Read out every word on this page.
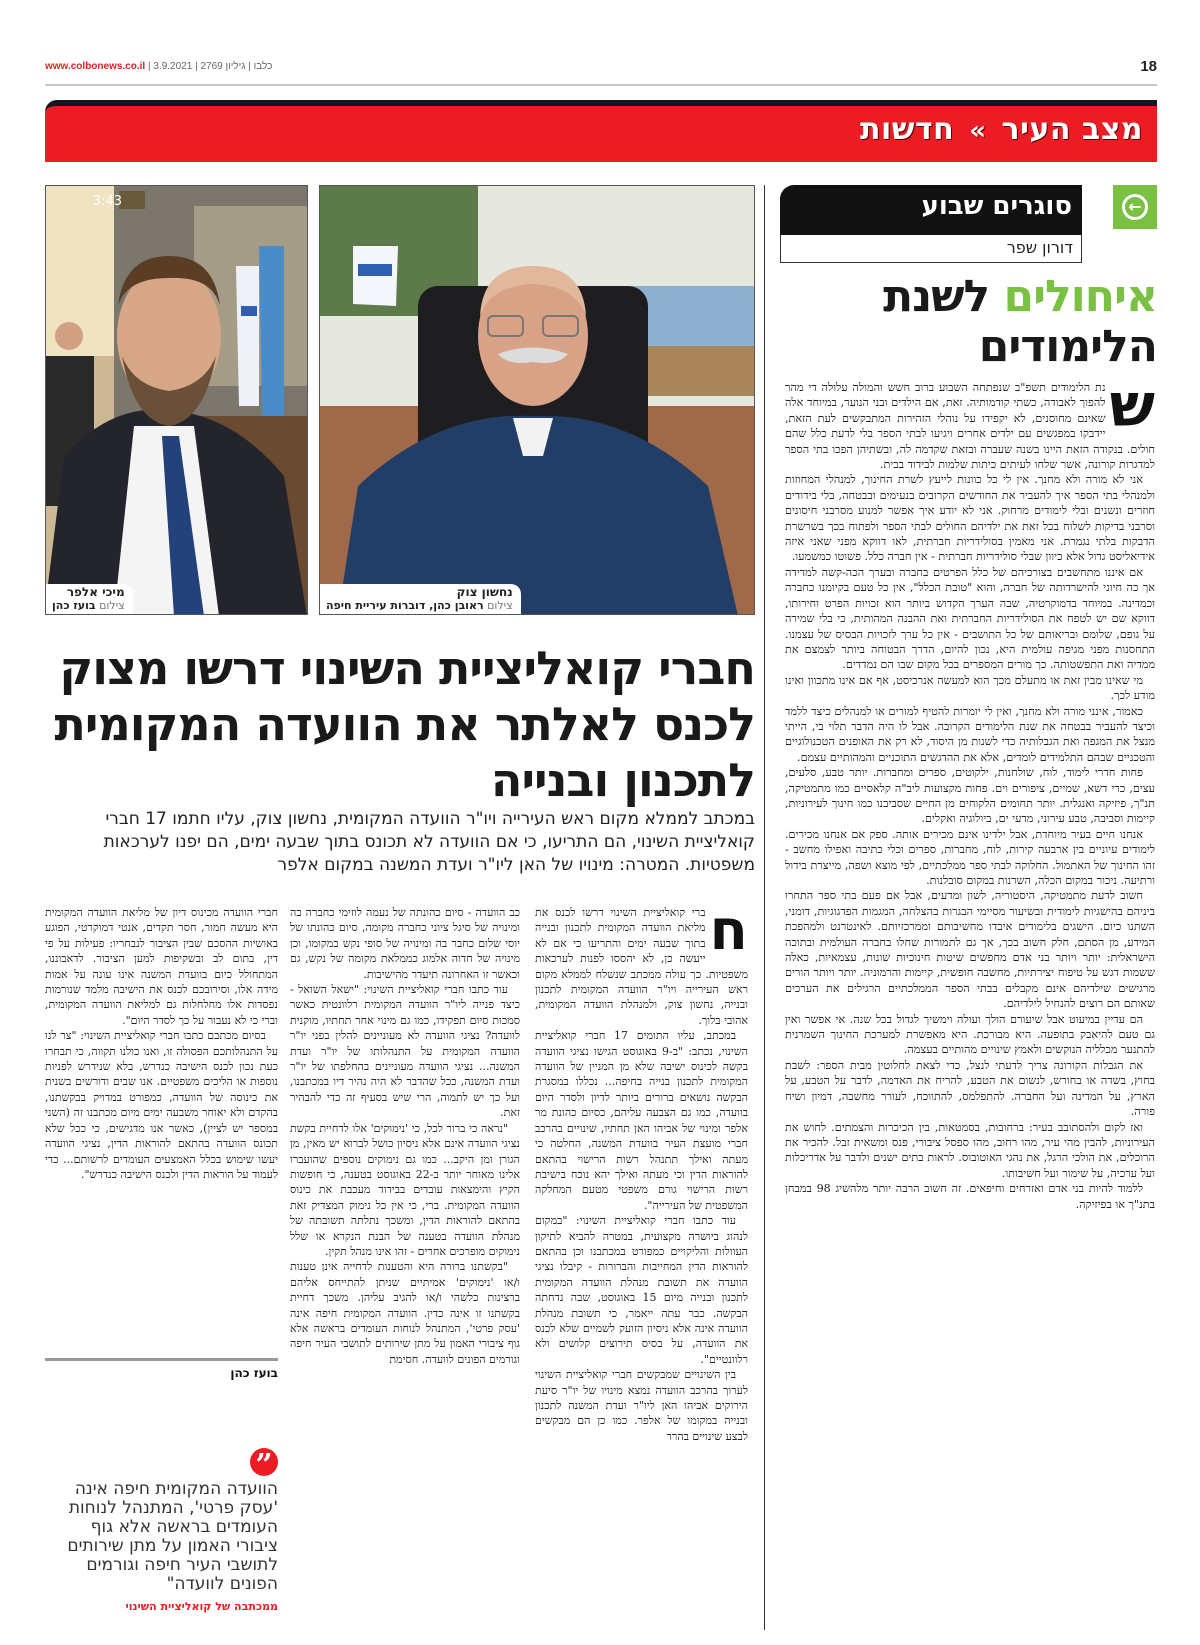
www.colbonews.co.il |	כלבו | גיליון 2769 | 3.9.2021	18
מצב העיר » חדשות
3:43
מיכי אלפר
צילום בועז כהן
נחשון צוק
צילום ראובן כהן, דוברות עיריית חיפה
חברי קואליציית השינוי דרשו מצוק לכנס לאלתר את הוועדה המקומית לתכנון ובנייה
במכתב לממלא מקום ראש העירייה ויו"ר הוועדה המקומית, נחשון צוק, עליו חתמו 17 חברי קואליציית השינוי, הם התריעו, כי אם הוועדה לא תכונס בתוך שבעה ימים, הם יפנו לערכאות משפטיות. המטרה: מינויו של האן ליו"ר ועדת המשנה במקום אלפר
ח

ברי קואליציית השינוי דרשו לכנס את מליאת הוועדה המקומית לתכנון ובנייה בתוך שבעה ימים והתריעו כי אם לא ייעשה כן, לא יהססו לפנות לערכאות משפטיות. כך עולה ממכתב שנשלח לממלא מקום ראש העירייה ויו"ר הוועדה המקומית לתכנון ובנייה, נחשון צוק, ולמנהלת הוועדה המקומית, אהובי בלוך.

במכתב, עליו התומים 17 חברי קואליציית השינוי, נכתב: "ב-9 באוגוסט הגישו נציגי הוועדה בקשה לכינוס ישיבה שלא מן המניין של הוועדה המקומית לתכנון בנייה בחיפה... נכללו במסגרת הבקשה נושאים ברורים ביותר לדיון ולסדר היום בוועדה, כמו גם הצבעה עליהם, כסיום כהונת מר אלפר ומינוי של אביהו האן תחתיו, שינויים בהרכב חברי מועצת העיר בוועדת המשנה, החלטה כי מעתה ואילך תתנהל רשות הרישוי בהתאם להוראות הדין וכי מעתה ואילך יהא נוכח בישיבת רשות הרישוי גורם משפטי מטעם המחלקה המשפטית של העירייה".

עוד כתבו חברי קואליציית השינוי: "במקום לנהוג ביושרה מקצועית, במטרה להביא לתיקון העוולות והליקויים כמפורט במכתבנו וכן בהתאם להוראות הדין המחייבות והברורות - קיבלו נציגי הוועדה את תשובת מנהלת הוועדה המקומית לתכנון ובנייה מיום 15 באוגוסט, שבה נדחתה הבקשה. כבר עתה ייאמר, כי תשובת מנהלת הוועדה אינה אלא ניסיון הזועק לשמיים שלא לכנס את הוועדה, על בסיס תירוצים קלושים ולא רלוונטיים".

בין השינויים שמבקשים חברי קואליציית השינוי לערוך בהרכב הוועדה נמצא מינויו של יו"ר סיעת הירוקים אביהו האן ליו"ר ועדת המשנה לתכנון ובנייה במקומו של אלפר. כמו כן הם מבקשים לבצע שינויים בהרר

כב הוועדה - סיום כהונתה של נעמה לוזימי כחברה בה ומינויה של סיגל ציוני כחברה מקומה, סיום כהונתו של יוסי שלום כחבר בה ומינויה של סופי נקש במקומו, וכן מינויה של חדוה אלמוג כממלאת מקומה של נקש, גם וכאשר זו האחרונה תיעדר מהישיבות.

עוד כתבו חברי קואליציית השינוי: "ישאל השואל - כיצד פנייה ליו"ר הוועדה המקומית רלוונטית כאשר סמכות סיום תפקידו, כמו גם מינוי אחר תחתיו, מוקנית לוועדה? נציגי הוועדה לא מעוניינים להלין בפני יו"ר הוועדה המקומית על התנהלותו של יו"ר ועדת המשנה... נציגי הוועדה מעוניינים בהחלפתו של יו"ר ועדת המשנה, ככל שהדבר לא היה נהיר דיו במכתבנו, ועל כך יש לתמוה, הרי שיש בסעיף זה כדי להבהיר זאת.

"נראה כי ברור לכל, כי 'נימוקים' אלו לדחיית בקשת נציגי הוועדה אינם אלא ניסיון כושל לברוא יש מאין, מן הגורן ומן היקב... כמו גם נימוקים נוספים שהועברו אלינו מאוחר יותר ב-22 באוגוסט בטענה, כי חופשות הקיץ והימצאות עובדים בבידוד מעכבת את כינוס הוועדה המקומית. ברי, כי אין כל נימוק המצדיק זאת בהתאם להוראות הדין, ומשכך נתלתה תשובתה של מנהלת הוועדה בטענה של הבנת הנקרא או שלל נימוקים מופרכים אחרים - זהו אינו מנהל תקין.

"בקשתנו ברורה היא והטענות לדחייה אינן טענות ו/או 'נימוקים' אמיתיים שניתן להתייחס אליהם ברצינות כלשהי ו/או להגיב עליהן. משכך דחיית בקשתנו זו אינה כדין. הוועדה המקומית חיפה אינה 'עסק פרטי', המתנהל לנוחות העומדים בראשה אלא גוף ציבורי האמון על מתן שירותים לתושבי העיר חיפה וגורמים הפונים לוועדה. חסימת

חברי הוועדה מכינוס דיון של מליאת הוועדה המקומית היא מעשה חמור, חסר תקדים, אנטי דמוקרטי, הפוגע באושיות ההסכם שבין הציבור לנבחריו: פעילות על פי דין, בתום לב ובשקיפות למען הציבור. לדאבוננו, המתחולל כיום בוועדת המשנה אינו עונה על אמות מידה אלו, וסירובכם לכנס את הישיבה מלמד שנורמות נפסדות אלו מחלחלות גם למליאת הוועדה המקומית, וברי כי לא נעבור על כך לסדר היום".

בסיום מכתבם כתבו חברי קואליציית השינוי: "צר לנו על התנהלותכם הפסולה זו, ואנו כולנו תקווה, כי תבחרו כעת נכון לכנס הישיבה כנדרש, בלא שנידרש לפניות נוספות או הליכים משפטיים. אנו שבים ודורשים בשנית את כינוסה של הוועדה, כמפורט במדויק בבקשתנו, בהקדם ולא יאוחר משבעה ימים מיום מכתבנו זה (השני במספר יש לציין), כאשר אנו מדגישים, כי ככל שלא תכונס הוועדה בהתאם להוראות הדין, נציגי הוועדה יעשו שימוש בכלל האמצעים העומדים לרשותם... כדי לעמוד על הוראות הדין ולכנס הישיבה כנדרש".

בועז כהן
”
הוועדה המקומית חיפה אינה 'עסק פרטי', המתנהל לנוחות העומדים בראשה אלא גוף ציבורי האמון על מתן שירותים לתושבי העיר חיפה וגורמים הפונים לוועדה"
ממכתבה של קואליציית השינוי
סוגרים שבוע
דורון שפר
←
איחולים לשנת הלימודים
ש

נת הלימודים תשפ"ב שנפתחה השבוע ברוב חשש והמולה עלולה די מהר להפוך לאבודה, כשתי קודמותיה. זאת, אם הילדים ובני הנוער, במיוחד אלה שאינם מחוסנים, לא יקפידו על נוהלי הזהירות המתבקשים לעת הזאת, יידבקו במפגשים עם ילדים אחרים ויגיעו לבתי הספר בלי לדעת כלל שהם חולים. בנקודה הזאת היינו בשנה שעברה ובזאת שקדמה לה, ובשתיהן הפכו בתי הספר למדגרות קורונה, אשר שלחו לעיתים כיתות שלמות לבידוד בבית.

אני לא מורה ולא מחנך. אין לי כל כוונות לייעץ לשרת החינוך, למנהלי המחוזות ולמנהלי בתי הספר איך להעביר את החודשים הקרובים בנעימים ובבטחה, בלי בידודים חוזרים ונשנים ובלי לימודים מרחוק. אני לא יודע איך אפשר למנוע מסרבני חיסונים וסרבני בדיקות לשלוח בכל זאת את ילדיהם החולים לבתי הספר ולפתוח בכך בשרשרת הדבקות בלתי נגמרת. אני מאמין בסולידריות חברתית, לאו דווקא מפני שאני איזה אידיאליסט גדול אלא כיוון שבלי סולידריות חברתית - אין חברה כלל. פשוטו כמשמעו.

אם איננו מתחשבים בצורכיהם של כלל הפרטים בחברה ובערך הכה-קשה למדידה אך כה חיוני להישרדותה של חברה, והוא "טובת הכלל", אין כל טעם בקיומנו כחברה וכמדינה. במיוחד בדמוקרטיה, שבה הערך הקדוש ביותר הוא זכויות הפרט וחירותו, דווקא שם יש לטפח את הסולידריות החברתית ואת ההבנה המהותית, כי בלי שמירה על גופם, שלומם ובריאותם של כל התושבים - אין כל ערך לזכויות הבסיס של עצמנו. התחסנות מפני מגיפה עולמית היא, נכון להיום, הדרך הבטוחה ביותר לצמצם את ממדיה ואת התפשטותה. כך מורים המספרים בכל מקום שבו הם נמדדים.

מי שאינו מבין זאת או מתעלם מכך הוא למעשה אנרכיסט, אף אם אינו מתכוון ואינו מודע לכך.

כאמור, אינני מורה ולא מחנך, ואין לי יומרות להטיף למורים או למנהלים כיצד ללמד וכיצד להעביר בבטחה את שנת הלימודים הקרובה. אבל לו היה הדבר תלוי בי, הייתי מנצל את המגפה ואת הגבלותיה כדי לשנות מן היסוד, לא רק את האופנים הטכנולוגיים והטכניים שבהם התלמידים לומדים, אלא את ההדגשים התוכניים והמהותיים עצמם.

פחות חדרי לימוד, לוח, שולחנות, ילקוטים, ספרים ומחברות. יותר טבע, סלעים, עצים, כרי דשא, שמיים, ציפורים וים. פחות מקצועות ליב"ה קלאסיים כמו מתמטיקה, תנ"ך, פיזיקה ואנגלית. יותר תחומים הלקוחים מן החיים שסביבנו כמו חינוך לעירוניות, קיימות וסביבה, טבע עירוני, מדעי ים, ביולוגיה ואקלים.

אנחנו חיים בעיר מיוחדת, אבל ילדינו אינם מכירים אותה. ספק אם אנחנו מכירים. לימודים עיוניים בין ארבעה קירות, לוח, מחברות, ספרים וכלי כתיבה ואפילו מחשב - זהו החינוך של האתמול. החלוקה לבתי ספר ממלכתיים, לפי מוצא ושפה, מייצרת בידול ורתיעה. ניכור במקום הכלה, השרנות במקום סובלנות.

חשוב לדעת מתמטיקה, היסטוריה, לשון ומדעים, אבל אם פעם בתי ספר התחרו ביניהם בהישגיות לימודית ובשיעור מסיימי הבגרות בהצלחה, המגמות הפדגוגיות, דומני, השתנו כיום. הישגים בלימודים איבדו מחשיבותם וממרכזיותם. לאינטרנט ולמהפכת המידע, מן הסתם, חלק חשוב בכך, אך גם לתמורות שחלו בחברה העולמית ובתוכה הישראלית: יותר ויותר בני אדם מחפשים שיטות חינוכיות שונות, עצמאיות, כאלה ששמות דגש על טיפוח יצירתיות, מחשבה חופשית, קיימות והרמוניה. יותר ויותר הורים מרגישים שילדיהם אינם מקבלים בבתי הספר הממלכתיים הרגילים את הערכים שאותם הם רוצים להנחיל לילדיהם.

הם עדיין במיעוט אבל שיעורם הולך ועולה וימשיך לגדול בכל שנה. אי אפשר ואין גם טעם להיאבק בתופעה. היא מבורכת. היא מאפשרת למערכת החינוך השמרנית להתנער מכלליה הנוקשים ולאמץ שינויים מהותיים בעצמה.

את הגבלות הקורונה צריך לדעתי לנצל, כדי לצאת לחלוטין מבית הספר: לשבת בחוץ, בשדה או בחורש, לנשום את הטבע, להריח את האדמה, לדבר על הטבע, על הארץ, על המדינה ועל החברה. להתפלמס, להתווכח, לעורר מחשבה, דמיון ושיח פורה.

ואז לקום ולהסתובב בעיר: ברחובות, בסמטאות, בין הכיכרות והצמתים. לחוש את העירוניות, להבין מהי עיר, מהו רחוב, מהו ספסל ציבורי, פנס ומשאית זבל. להכיר את הרוכלים, את הולכי הרגל, את נהגי האוטובוס. לראות בתים ישנים ולדבר על אדריכלות ועל ערכיה, על שימור ועל חשיבותו.

ללמוד להיות בני אדם ואזרחים וחיפאים. זה חשוב הרבה יותר מלהשיג 98 במבחן בתנ"ך או בפיזיקה.
